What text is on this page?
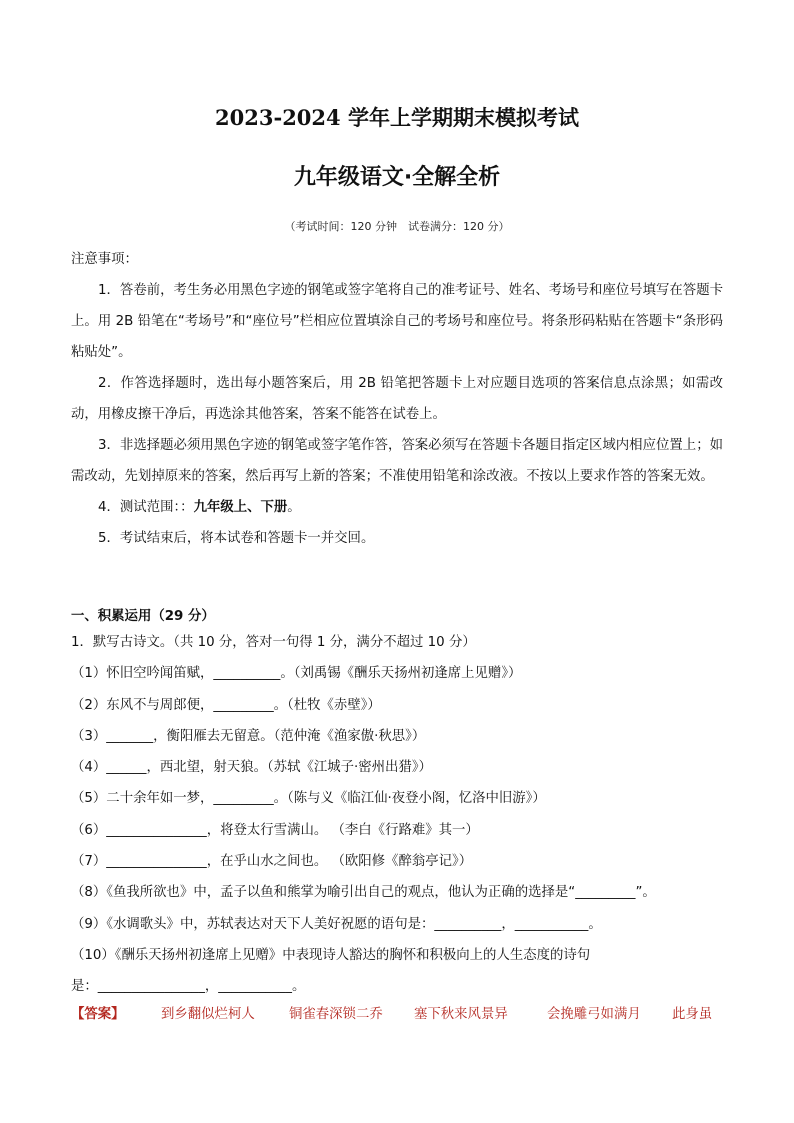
2023-2024 学年上学期期末模拟考试
九年级语文·全解全析
（考试时间：120 分钟　试卷满分：120 分）
注意事项：

1．答卷前，考生务必用黑色字迹的钢笔或签字笔将自己的准考证号、姓名、考场号和座位号填写在答题卡上。用 2B 铅笔在“考场号”和“座位号”栏相应位置填涂自己的考场号和座位号。将条形码粘贴在答题卡“条形码粘贴处”。

2．作答选择题时，选出每小题答案后，用 2B 铅笔把答题卡上对应题目选项的答案信息点涂黑；如需改动，用橡皮擦干净后，再选涂其他答案，答案不能答在试卷上。

3．非选择题必须用黑色字迹的钢笔或签字笔作答，答案必须写在答题卡各题目指定区域内相应位置上；如需改动，先划掉原来的答案，然后再写上新的答案；不准使用铅笔和涂改液。不按以上要求作答的答案无效。

4．测试范围：：九年级上、下册。

5．考试结束后，将本试卷和答题卡一并交回。

一、积累运用（29 分）
1．默写古诗文。（共 10 分，答对一句得 1 分，满分不超过 10 分）
（1）怀旧空吟闻笛赋，__________。（刘禹锡《酬乐天扬州初逢席上见赠》）
（2）东风不与周郎便，_________。（杜牧《赤壁》）
（3）_______，衡阳雁去无留意。（范仲淹《渔家傲·秋思》）
（4）______，西北望，射天狼。（苏轼《江城子·密州出猎》）
（5）二十余年如一梦，_________。（陈与义《临江仙·夜登小阁，忆洛中旧游》）
（6）_______________，将登太行雪满山。 （李白《行路难》其一）
（7）_______________，在乎山水之间也。 （欧阳修《醉翁亭记》）
（8）《鱼我所欲也》中，孟子以鱼和熊掌为喻引出自己的观点，他认为正确的选择是“_________”。
（9）《水调歌头》中，苏轼表达对天下人美好祝愿的语句是：__________，___________。
（10）《酬乐天扬州初逢席上见赠》中表现诗人豁达的胸怀和积极向上的人生态度的诗句
是：________________，___________。
【答案】	到乡翻似烂柯人	铜雀春深锁二乔 塞下秋来风景异	会挽雕弓如满月 此身虽
